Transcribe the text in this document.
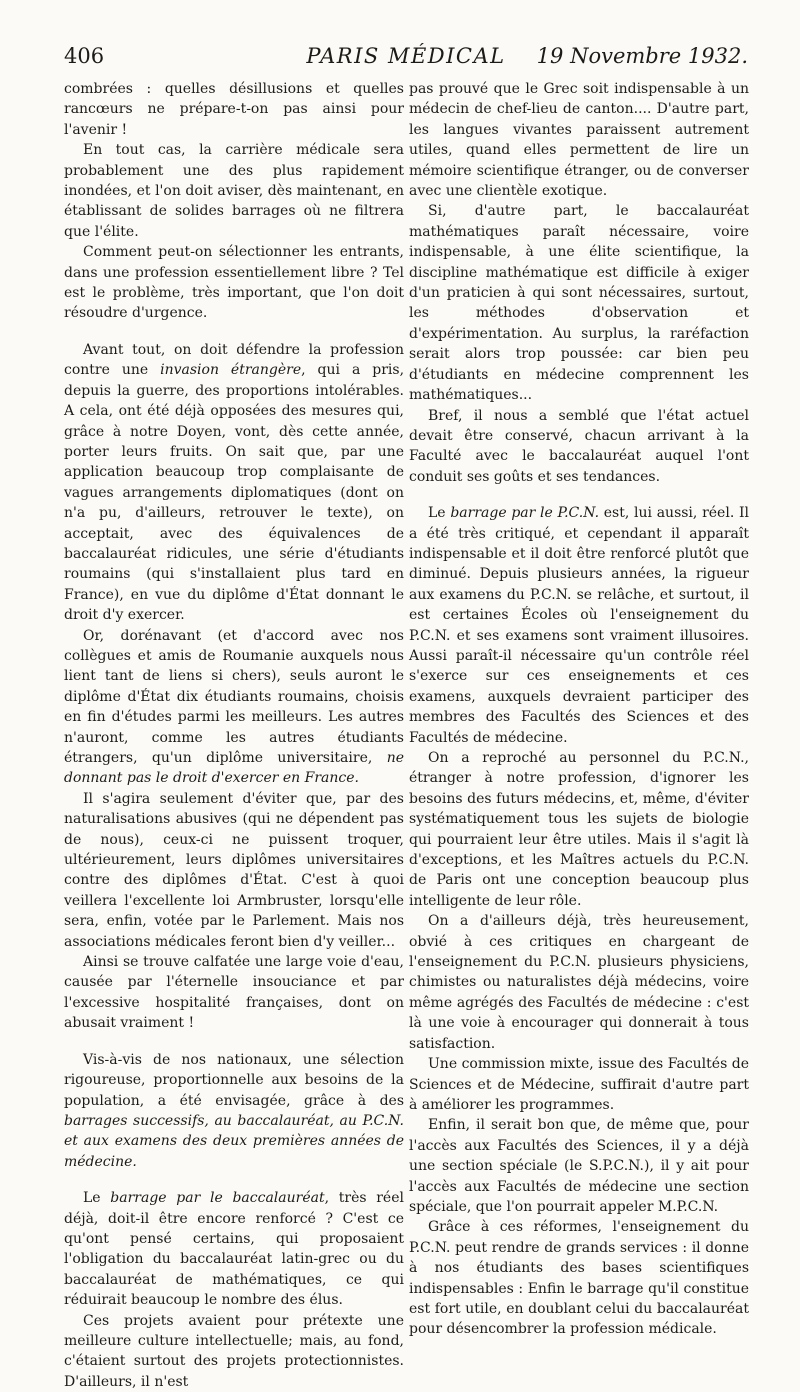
406	PARIS MÉDICAL	19 Novembre 1932.

combrées : quelles désillusions et quelles rancœurs ne prépare-t-on pas ainsi pour l'avenir !

En tout cas, la carrière médicale sera probablement une des plus rapidement inondées, et l'on doit aviser, dès maintenant, en établissant de solides barrages où ne filtrera que l'élite.

Comment peut-on sélectionner les entrants, dans une profession essentiellement libre ? Tel est le problème, très important, que l'on doit résoudre d'urgence.

Avant tout, on doit défendre la profession contre une invasion étrangère, qui a pris, depuis la guerre, des proportions intolérables. A cela, ont été déjà opposées des mesures qui, grâce à notre Doyen, vont, dès cette année, porter leurs fruits. On sait que, par une application beaucoup trop complaisante de vagues arrangements diplomatiques (dont on n'a pu, d'ailleurs, retrouver le texte), on acceptait, avec des équivalences de baccalauréat ridicules, une série d'étudiants roumains (qui s'installaient plus tard en France), en vue du diplôme d'État donnant le droit d'y exercer.

Or, dorénavant (et d'accord avec nos collègues et amis de Roumanie auxquels nous lient tant de liens si chers), seuls auront le diplôme d'État dix étudiants roumains, choisis en fin d'études parmi les meilleurs. Les autres n'auront, comme les autres étudiants étrangers, qu'un diplôme universitaire, ne donnant pas le droit d'exercer en France.

Il s'agira seulement d'éviter que, par des naturalisations abusives (qui ne dépendent pas de nous), ceux-ci ne puissent troquer, ultérieurement, leurs diplômes universitaires contre des diplômes d'État. C'est à quoi veillera l'excellente loi Armbruster, lorsqu'elle sera, enfin, votée par le Parlement. Mais nos associations médicales feront bien d'y veiller...

Ainsi se trouve calfatée une large voie d'eau, causée par l'éternelle insouciance et par l'excessive hospitalité françaises, dont on abusait vraiment !

Vis-à-vis de nos nationaux, une sélection rigoureuse, proportionnelle aux besoins de la population, a été envisagée, grâce à des barrages successifs, au baccalauréat, au P.C.N. et aux examens des deux premières années de médecine.

Le barrage par le baccalauréat, très réel déjà, doit-il être encore renforcé ? C'est ce qu'ont pensé certains, qui proposaient l'obligation du baccalauréat latin-grec ou du baccalauréat de mathématiques, ce qui réduirait beaucoup le nombre des élus.

Ces projets avaient pour prétexte une meilleure culture intellectuelle; mais, au fond, c'étaient surtout des projets protectionnistes. D'ailleurs, il n'est

pas prouvé que le Grec soit indispensable à un médecin de chef-lieu de canton.... D'autre part, les langues vivantes paraissent autrement utiles, quand elles permettent de lire un mémoire scientifique étranger, ou de converser avec une clientèle exotique.

Si, d'autre part, le baccalauréat mathématiques paraît nécessaire, voire indispensable, à une élite scientifique, la discipline mathématique est difficile à exiger d'un praticien à qui sont nécessaires, surtout, les méthodes d'observation et d'expérimentation. Au surplus, la raréfaction serait alors trop poussée: car bien peu d'étudiants en médecine comprennent les mathématiques...

Bref, il nous a semblé que l'état actuel devait être conservé, chacun arrivant à la Faculté avec le baccalauréat auquel l'ont conduit ses goûts et ses tendances.

Le barrage par le P.C.N. est, lui aussi, réel. Il a été très critiqué, et cependant il apparaît indispensable et il doit être renforcé plutôt que diminué. Depuis plusieurs années, la rigueur aux examens du P.C.N. se relâche, et surtout, il est certaines Écoles où l'enseignement du P.C.N. et ses examens sont vraiment illusoires. Aussi paraît-il nécessaire qu'un contrôle réel s'exerce sur ces enseignements et ces examens, auxquels devraient participer des membres des Facultés des Sciences et des Facultés de médecine.

On a reproché au personnel du P.C.N., étranger à notre profession, d'ignorer les besoins des futurs médecins, et, même, d'éviter systématiquement tous les sujets de biologie qui pourraient leur être utiles. Mais il s'agit là d'exceptions, et les Maîtres actuels du P.C.N. de Paris ont une conception beaucoup plus intelligente de leur rôle.

On a d'ailleurs déjà, très heureusement, obvié à ces critiques en chargeant de l'enseignement du P.C.N. plusieurs physiciens, chimistes ou naturalistes déjà médecins, voire même agrégés des Facultés de médecine : c'est là une voie à encourager qui donnerait à tous satisfaction.

Une commission mixte, issue des Facultés de Sciences et de Médecine, suffirait d'autre part à améliorer les programmes.

Enfin, il serait bon que, de même que, pour l'accès aux Facultés des Sciences, il y a déjà une section spéciale (le S.P.C.N.), il y ait pour l'accès aux Facultés de médecine une section spéciale, que l'on pourrait appeler M.P.C.N.

Grâce à ces réformes, l'enseignement du P.C.N. peut rendre de grands services : il donne à nos étudiants des bases scientifiques indispensables : Enfin le barrage qu'il constitue est fort utile, en doublant celui du baccalauréat pour désencombrer la profession médicale.
